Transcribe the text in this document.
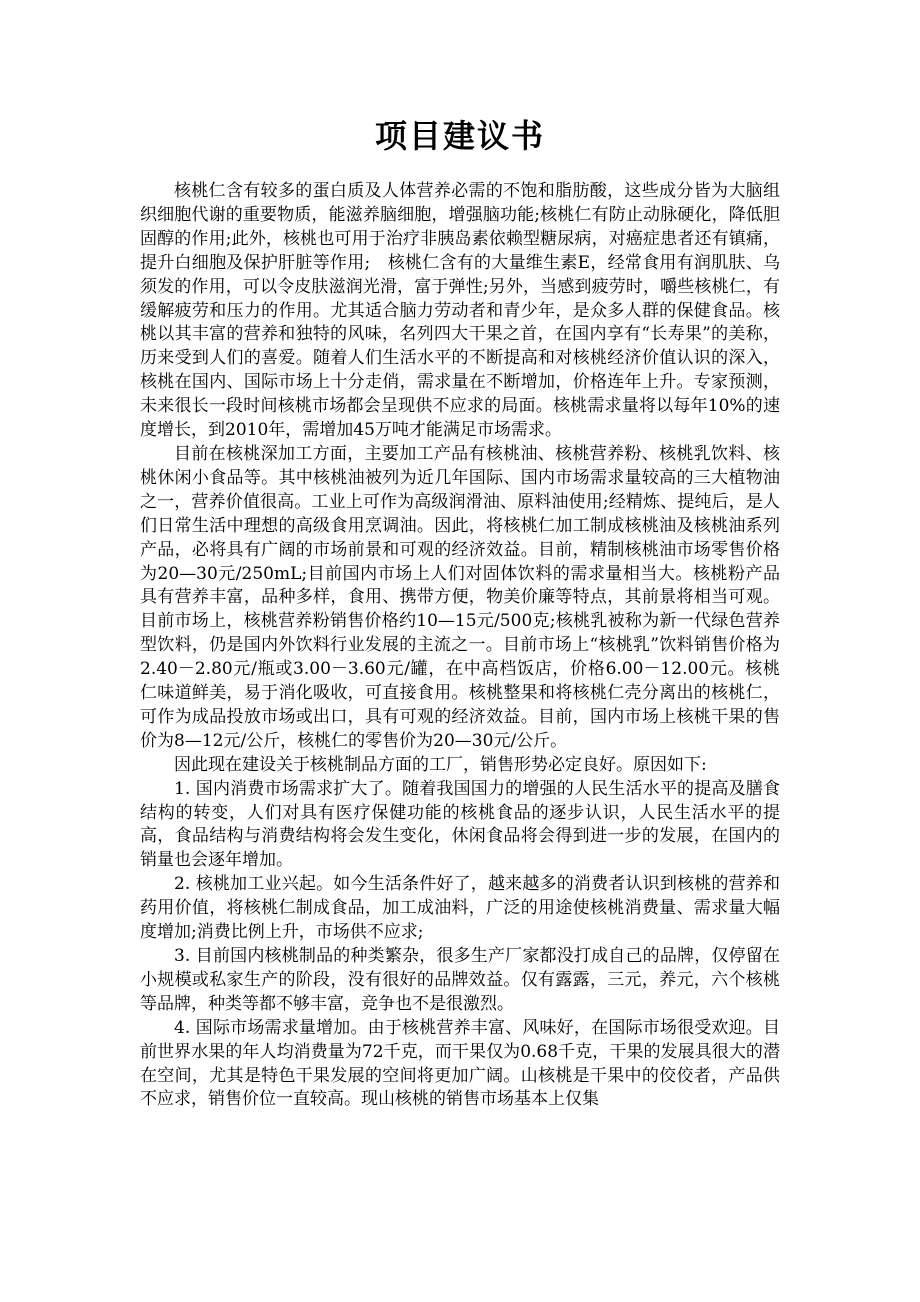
项目建议书

核桃仁含有较多的蛋白质及人体营养必需的不饱和脂肪酸，这些成分皆为大脑组织细胞代谢的重要物质，能滋养脑细胞，增强脑功能;核桃仁有防止动脉硬化，降低胆固醇的作用;此外，核桃也可用于治疗非胰岛素依赖型糖尿病，对癌症患者还有镇痛，提升白细胞及保护肝脏等作用;　核桃仁含有的大量维生素E，经常食用有润肌肤、乌须发的作用，可以令皮肤滋润光滑，富于弹性;另外，当感到疲劳时，嚼些核桃仁，有缓解疲劳和压力的作用。尤其适合脑力劳动者和青少年，是众多人群的保健食品。核桃以其丰富的营养和独特的风味，名列四大干果之首，在国内享有“长寿果”的美称，历来受到人们的喜爱。随着人们生活水平的不断提高和对核桃经济价值认识的深入，核桃在国内、国际市场上十分走俏，需求量在不断增加，价格连年上升。专家预测，未来很长一段时间核桃市场都会呈现供不应求的局面。核桃需求量将以每年10%的速度增长，到2010年，需增加45万吨才能满足市场需求。

目前在核桃深加工方面，主要加工产品有核桃油、核桃营养粉、核桃乳饮料、核桃休闲小食品等。其中核桃油被列为近几年国际、国内市场需求量较高的三大植物油之一，营养价值很高。工业上可作为高级润滑油、原料油使用;经精炼、提纯后，是人们日常生活中理想的高级食用烹调油。因此，将核桃仁加工制成核桃油及核桃油系列产品，必将具有广阔的市场前景和可观的经济效益。目前，精制核桃油市场零售价格为20—30元/250mL;目前国内市场上人们对固体饮料的需求量相当大。核桃粉产品具有营养丰富，品种多样，食用、携带方便，物美价廉等特点，其前景将相当可观。目前市场上，核桃营养粉销售价格约10—15元/500克;核桃乳被称为新一代绿色营养型饮料，仍是国内外饮料行业发展的主流之一。目前市场上“核桃乳”饮料销售价格为2.40－2.80元/瓶或3.00－3.60元/罐，在中高档饭店，价格6.00－12.00元。核桃仁味道鲜美，易于消化吸收，可直接食用。核桃整果和将核桃仁壳分离出的核桃仁，可作为成品投放市场或出口，具有可观的经济效益。目前，国内市场上核桃干果的售价为8—12元/公斤，核桃仁的零售价为20—30元/公斤。

因此现在建设关于核桃制品方面的工厂，销售形势必定良好。原因如下:

1. 国内消费市场需求扩大了。随着我国国力的增强的人民生活水平的提高及膳食结构的转变，人们对具有医疗保健功能的核桃食品的逐步认识，人民生活水平的提高，食品结构与消费结构将会发生变化，休闲食品将会得到进一步的发展，在国内的销量也会逐年增加。

2. 核桃加工业兴起。如今生活条件好了，越来越多的消费者认识到核桃的营养和药用价值，将核桃仁制成食品，加工成油料，广泛的用途使核桃消费量、需求量大幅度增加;消费比例上升，市场供不应求;

3. 目前国内核桃制品的种类繁杂，很多生产厂家都没打成自己的品牌，仅停留在小规模或私家生产的阶段，没有很好的品牌效益。仅有露露，三元，养元，六个核桃等品牌，种类等都不够丰富，竞争也不是很激烈。

4. 国际市场需求量增加。由于核桃营养丰富、风味好，在国际市场很受欢迎。目前世界水果的年人均消费量为72千克，而干果仅为0.68千克，干果的发展具很大的潜在空间，尤其是特色干果发展的空间将更加广阔。山核桃是干果中的佼佼者，产品供不应求，销售价位一直较高。现山核桃的销售市场基本上仅集
